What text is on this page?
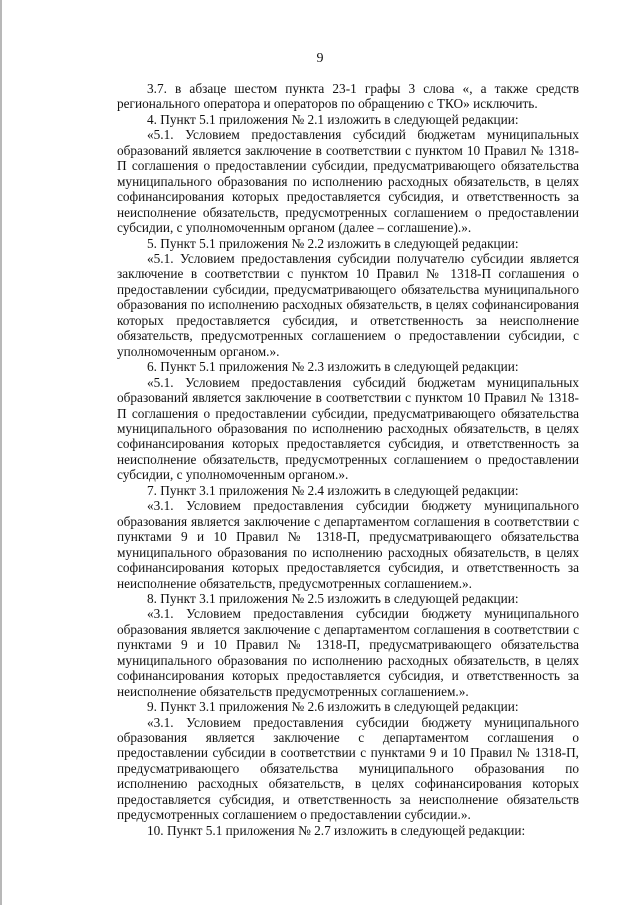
9

3.7. в абзаце шестом пункта 23-1 графы 3 слова «, а также средств регионального оператора и операторов по обращению с ТКО» исключить.

4. Пункт 5.1 приложения № 2.1 изложить в следующей редакции:

«5.1. Условием предоставления субсидий бюджетам муниципальных образований является заключение в соответствии с пунктом 10 Правил № 1318-П соглашения о предоставлении субсидии, предусматривающего обязательства муниципального образования по исполнению расходных обязательств, в целях софинансирования которых предоставляется субсидия, и ответственность за неисполнение обязательств, предусмотренных соглашением о предоставлении субсидии, с уполномоченным органом (далее – соглашение).».

5. Пункт 5.1 приложения № 2.2 изложить в следующей редакции:

«5.1. Условием предоставления субсидии получателю субсидии является заключение в соответствии с пунктом 10 Правил № 1318-П соглашения о предоставлении субсидии, предусматривающего обязательства муниципального образования по исполнению расходных обязательств, в целях софинансирования которых предоставляется субсидия, и ответственность за неисполнение обязательств, предусмотренных соглашением о предоставлении субсидии, с уполномоченным органом.».

6. Пункт 5.1 приложения № 2.3 изложить в следующей редакции:

«5.1. Условием предоставления субсидий бюджетам муниципальных образований является заключение в соответствии с пунктом 10 Правил № 1318-П соглашения о предоставлении субсидии, предусматривающего обязательства муниципального образования по исполнению расходных обязательств, в целях софинансирования которых предоставляется субсидия, и ответственность за неисполнение обязательств, предусмотренных соглашением о предоставлении субсидии, с уполномоченным органом.».

7. Пункт 3.1 приложения № 2.4 изложить в следующей редакции:

«3.1. Условием предоставления субсидии бюджету муниципального образования является заключение с департаментом соглашения в соответствии с пунктами 9 и 10 Правил № 1318-П, предусматривающего обязательства муниципального образования по исполнению расходных обязательств, в целях софинансирования которых предоставляется субсидия, и ответственность за неисполнение обязательств, предусмотренных соглашением.».

8. Пункт 3.1 приложения № 2.5 изложить в следующей редакции:

«3.1. Условием предоставления субсидии бюджету муниципального образования является заключение с департаментом соглашения в соответствии с пунктами 9 и 10 Правил № 1318-П, предусматривающего обязательства муниципального образования по исполнению расходных обязательств, в целях софинансирования которых предоставляется субсидия, и ответственность за неисполнение обязательств предусмотренных соглашением.».

9. Пункт 3.1 приложения № 2.6 изложить в следующей редакции:

«3.1. Условием предоставления субсидии бюджету муниципального образования является заключение с департаментом соглашения о предоставлении субсидии в соответствии с пунктами 9 и 10 Правил № 1318-П, предусматривающего обязательства муниципального образования по исполнению расходных обязательств, в целях софинансирования которых предоставляется субсидия, и ответственность за неисполнение обязательств предусмотренных соглашением о предоставлении субсидии.».

10. Пункт 5.1 приложения № 2.7 изложить в следующей редакции:
